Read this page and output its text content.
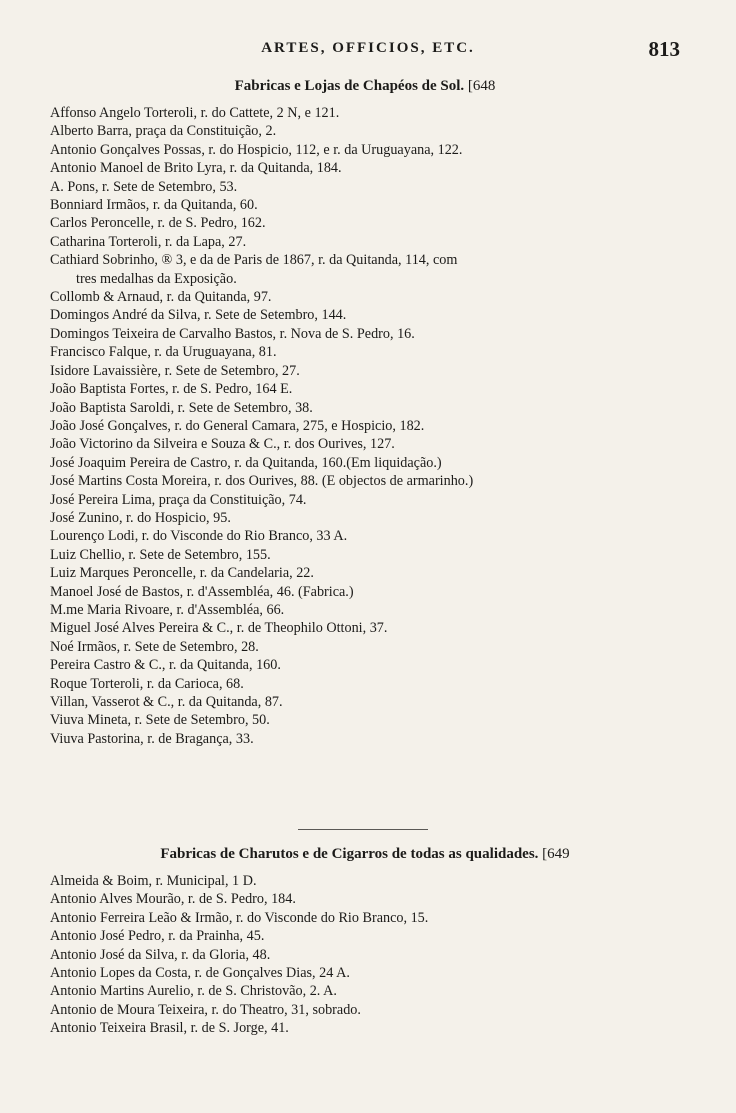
ARTES, OFFICIOS, ETC.	813
Fabricas e Lojas de Chapéos de Sol. [648
Affonso Angelo Torteroli, r. do Cattete, 2 N, e 121.
Alberto Barra, praça da Constituição, 2.
Antonio Gonçalves Possas, r. do Hospicio, 112, e r. da Uruguayana, 122.
Antonio Manoel de Brito Lyra, r. da Quitanda, 184.
A. Pons, r. Sete de Setembro, 53.
Bonniard Irmãos, r. da Quitanda, 60.
Carlos Peroncelle, r. de S. Pedro, 162.
Catharina Torteroli, r. da Lapa, 27.
Cathiard Sobrinho, ® 3, e da de Paris de 1867, r. da Quitanda, 114, com
tres medalhas da Exposição.
Collomb & Arnaud, r. da Quitanda, 97.
Domingos André da Silva, r. Sete de Setembro, 144.
Domingos Teixeira de Carvalho Bastos, r. Nova de S. Pedro, 16.
Francisco Falque, r. da Uruguayana, 81.
Isidore Lavaissière, r. Sete de Setembro, 27.
João Baptista Fortes, r. de S. Pedro, 164 E.
João Baptista Saroldi, r. Sete de Setembro, 38.
João José Gonçalves, r. do General Camara, 275, e Hospicio, 182.
João Victorino da Silveira e Souza & C., r. dos Ourives, 127.
José Joaquim Pereira de Castro, r. da Quitanda, 160.(Em liquidação.)
José Martins Costa Moreira, r. dos Ourives, 88. (E objectos de armarinho.)
José Pereira Lima, praça da Constituição, 74.
José Zunino, r. do Hospicio, 95.
Lourenço Lodi, r. do Visconde do Rio Branco, 33 A.
Luiz Chellio, r. Sete de Setembro, 155.
Luiz Marques Peroncelle, r. da Candelaria, 22.
Manoel José de Bastos, r. d'Assembléa, 46. (Fabrica.)
M.me Maria Rivoare, r. d'Assembléa, 66.
Miguel José Alves Pereira & C., r. de Theophilo Ottoni, 37.
Noé Irmãos, r. Sete de Setembro, 28.
Pereira Castro & C., r. da Quitanda, 160.
Roque Torteroli, r. da Carioca, 68.
Villan, Vasserot & C., r. da Quitanda, 87.
Viuva Mineta, r. Sete de Setembro, 50.
Viuva Pastorina, r. de Bragança, 33.
Fabricas de Charutos e de Cigarros de todas as qualidades. [649
Almeida & Boim, r. Municipal, 1 D.
Antonio Alves Mourão, r. de S. Pedro, 184.
Antonio Ferreira Leão & Irmão, r. do Visconde do Rio Branco, 15.
Antonio José Pedro, r. da Prainha, 45.
Antonio José da Silva, r. da Gloria, 48.
Antonio Lopes da Costa, r. de Gonçalves Dias, 24 A.
Antonio Martins Aurelio, r. de S. Christovão, 2. A.
Antonio de Moura Teixeira, r. do Theatro, 31, sobrado.
Antonio Teixeira Brasil, r. de S. Jorge, 41.
